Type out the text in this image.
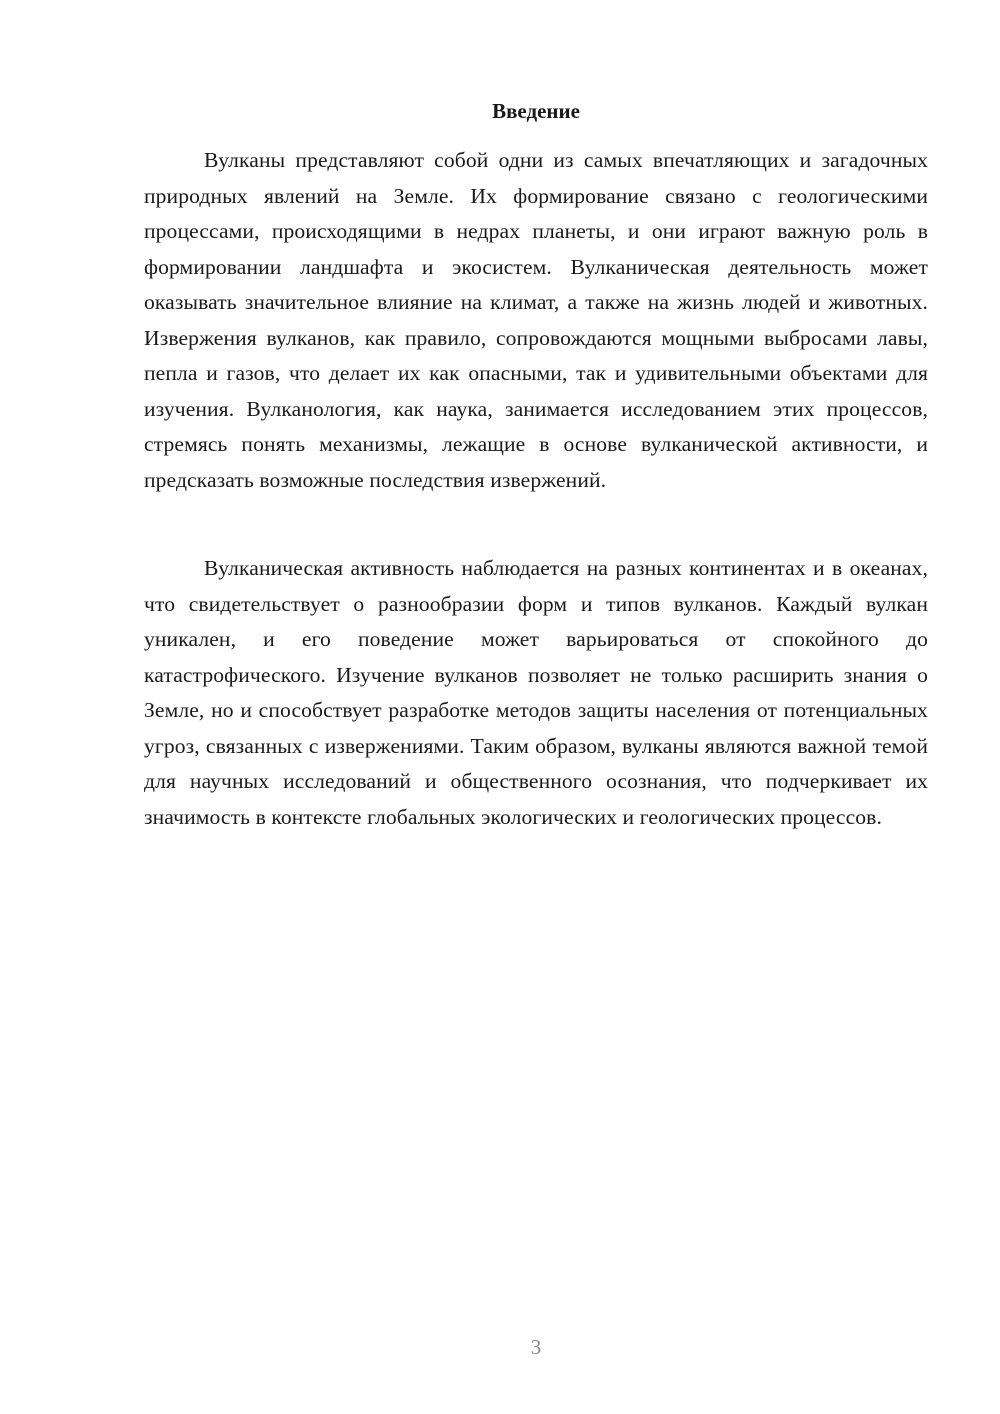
Введение

Вулканы представляют собой одни из самых впечатляющих и загадочных природных явлений на Земле. Их формирование связано с геологическими процессами, происходящими в недрах планеты, и они играют важную роль в формировании ландшафта и экосистем. Вулканическая деятельность может оказывать значительное влияние на климат, а также на жизнь людей и животных. Извержения вулканов, как правило, сопровождаются мощными выбросами лавы, пепла и газов, что делает их как опасными, так и удивительными объектами для изучения. Вулканология, как наука, занимается исследованием этих процессов, стремясь понять механизмы, лежащие в основе вулканической активности, и предсказать возможные последствия извержений.

Вулканическая активность наблюдается на разных континентах и в океанах, что свидетельствует о разнообразии форм и типов вулканов. Каждый вулкан уникален, и его поведение может варьироваться от спокойного до катастрофического. Изучение вулканов позволяет не только расширить знания о Земле, но и способствует разработке методов защиты населения от потенциальных угроз, связанных с извержениями. Таким образом, вулканы являются важной темой для научных исследований и общественного осознания, что подчеркивает их значимость в контексте глобальных экологических и геологических процессов.

3
